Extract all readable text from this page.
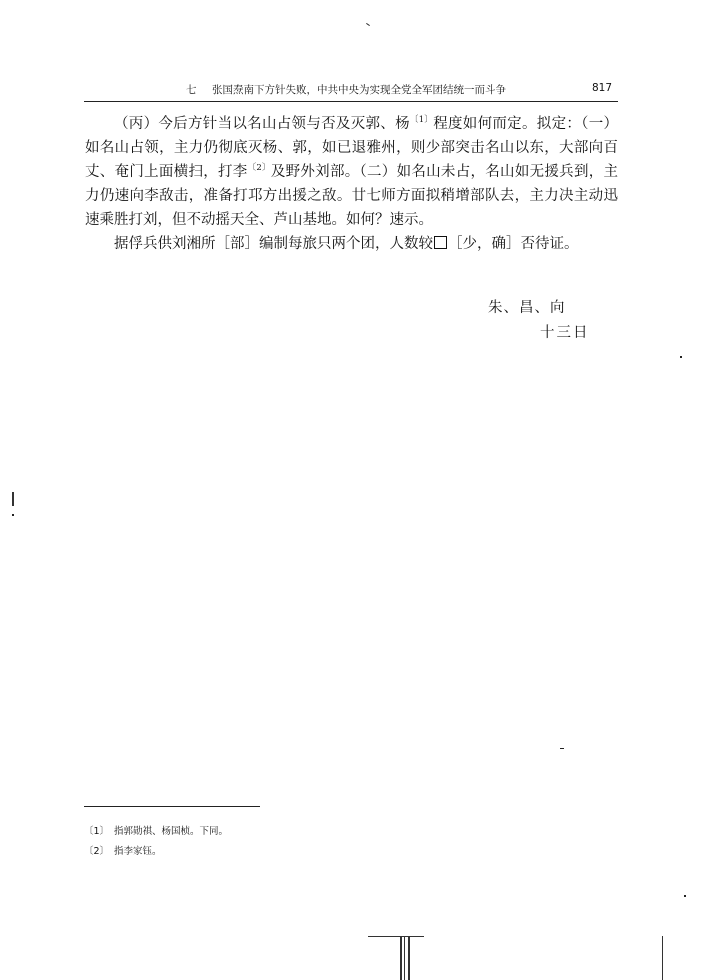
七 张国焘南下方针失败，中共中央为实现全党全军团结统一而斗争	817

（丙）今后方针当以名山占领与否及灭郭、杨$^{〔1〕}$程度如何而定。拟定：（一）如名山占领，主力仍彻底灭杨、郭，如已退雅州，则少部突击名山以东，大部向百丈、奄门上面横扫，打李$^{〔2〕}$及野外刘部。（二）如名山未占，名山如无援兵到，主力仍速向李敌击，准备打邛方出援之敌。廿七师方面拟稍增部队去，主力决主动迅速乘胜打刘，但不动摇天全、芦山基地。如何？速示。

据俘兵供刘湘所［部］编制每旅只两个团，人数较 ［少，确］否待证。

朱、昌、向
十三日
〔1〕 指郭勋祺、杨国桢。下同。
〔2〕 指李家钰。
